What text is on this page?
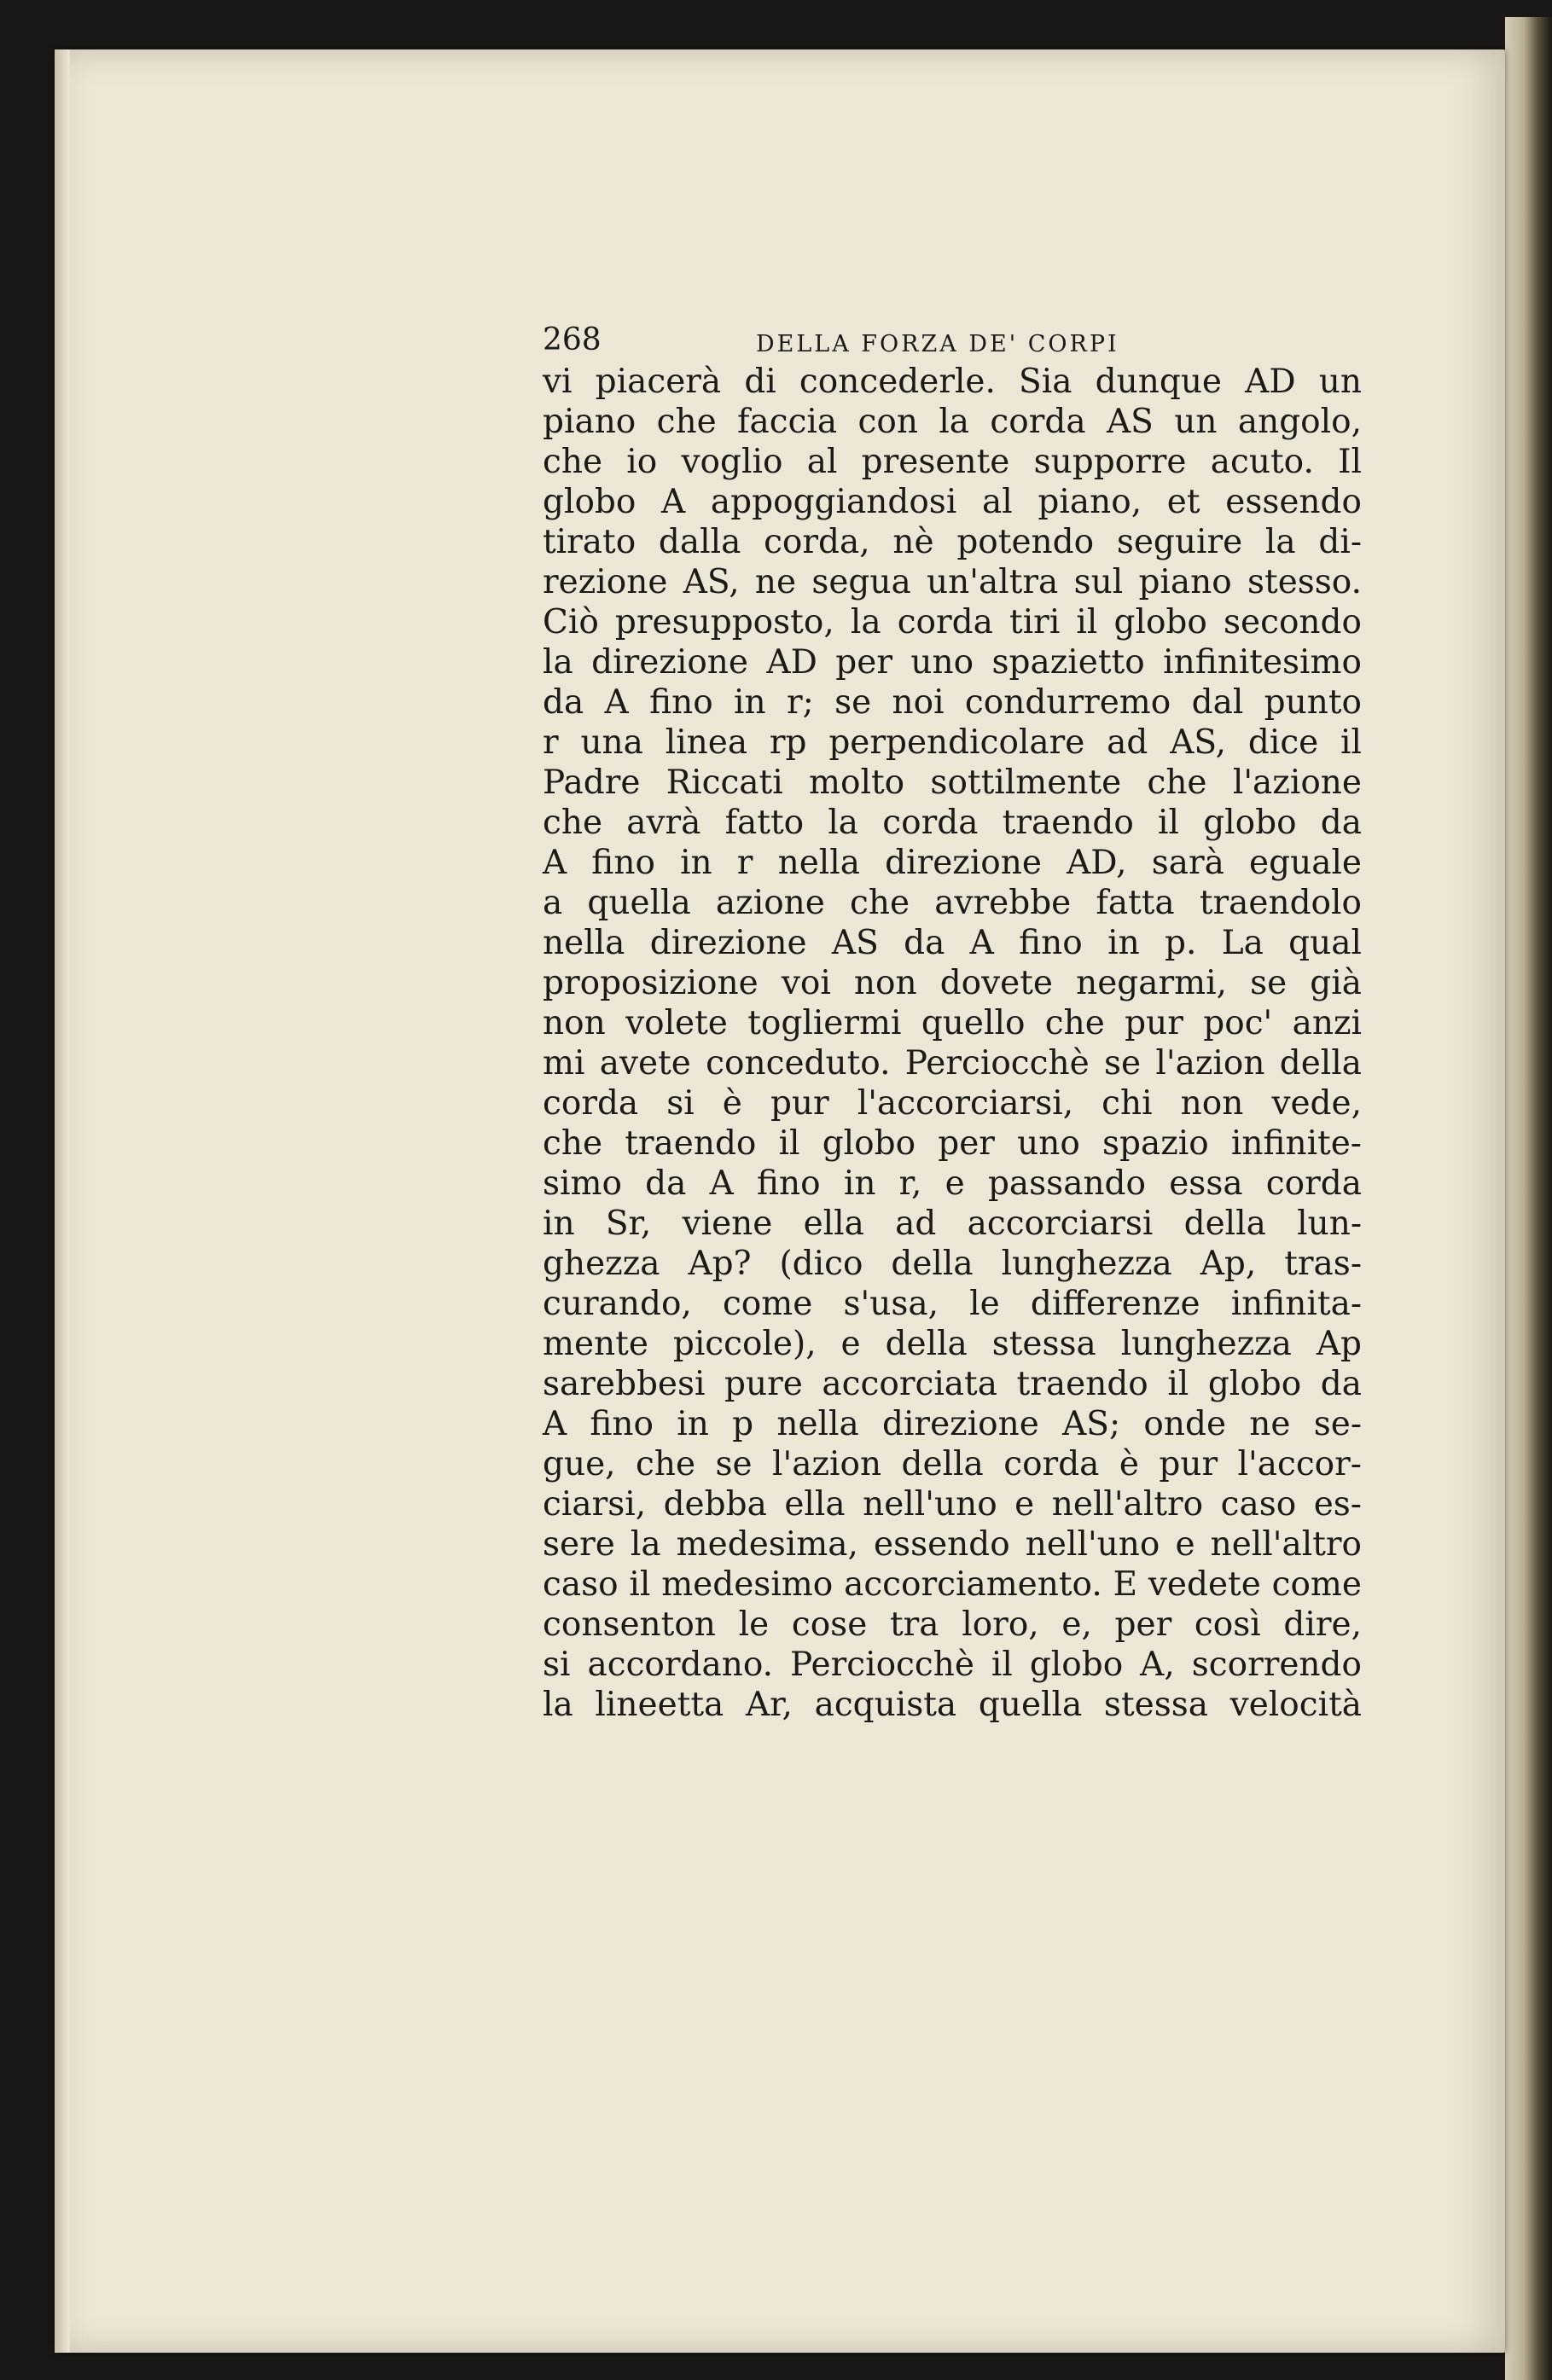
268	DELLA FORZA DE' CORPI
vi piacerà di concederle. Sia dunque AD un
piano che faccia con la corda AS un angolo,
che io voglio al presente supporre acuto. Il
globo A appoggiandosi al piano, et essendo
tirato dalla corda, nè potendo seguire la di-
rezione AS, ne segua un'altra sul piano stesso.
Ciò presupposto, la corda tiri il globo secondo
la direzione AD per uno spazietto infinitesimo
da A fino in r; se noi condurremo dal punto
r una linea rp perpendicolare ad AS, dice il
Padre Riccati molto sottilmente che l'azione
che avrà fatto la corda traendo il globo da
A fino in r nella direzione AD, sarà eguale
a quella azione che avrebbe fatta traendolo
nella direzione AS da A fino in p. La qual
proposizione voi non dovete negarmi, se già
non volete togliermi quello che pur poc' anzi
mi avete conceduto. Perciocchè se l'azion della
corda si è pur l'accorciarsi, chi non vede,
che traendo il globo per uno spazio infinite-
simo da A fino in r, e passando essa corda
in Sr, viene ella ad accorciarsi della lun-
ghezza Ap? (dico della lunghezza Ap, tras-
curando, come s'usa, le differenze infinita-
mente piccole), e della stessa lunghezza Ap
sarebbesi pure accorciata traendo il globo da
A fino in p nella direzione AS; onde ne se-
gue, che se l'azion della corda è pur l'accor-
ciarsi, debba ella nell'uno e nell'altro caso es-
sere la medesima, essendo nell'uno e nell'altro
caso il medesimo accorciamento. E vedete come
consenton le cose tra loro, e, per così dire,
si accordano. Perciocchè il globo A, scorrendo
la lineetta Ar, acquista quella stessa velocità
